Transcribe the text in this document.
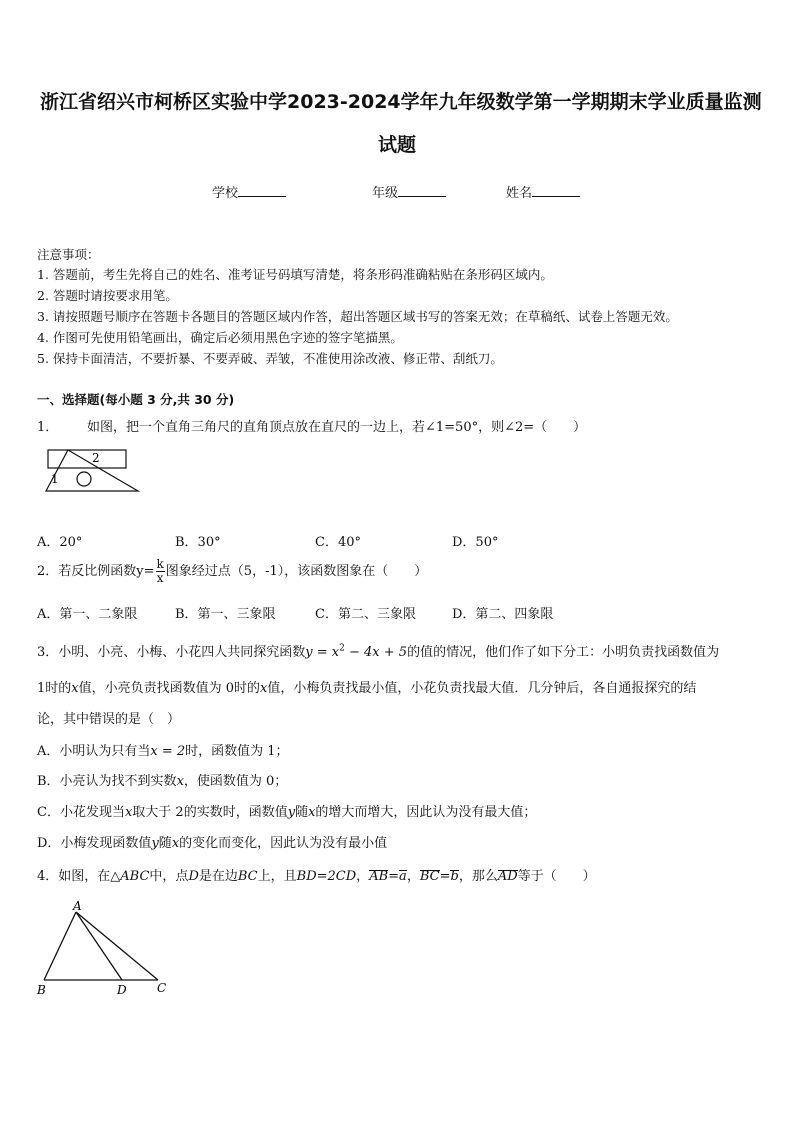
浙江省绍兴市柯桥区实验中学2023-2024学年九年级数学第一学期期末学业质量监测
试题
学校	年级	姓名
注意事项：
1. 答题前，考生先将自己的姓名、准考证号码填写清楚，将条形码准确粘贴在条形码区域内。
2. 答题时请按要求用笔。
3. 请按照题号顺序在答题卡各题目的答题区域内作答，超出答题区域书写的答案无效；在草稿纸、试卷上答题无效。
4. 作图可先使用铅笔画出，确定后必须用黑色字迹的签字笔描黑。
5. 保持卡面清洁，不要折暴、不要弄破、弄皱，不准使用涂改液、修正带、刮纸刀。
一、选择题(每小题 3 分,共 30 分)
1． 如图，把一个直角三角尺的直角顶点放在直尺的一边上，若∠1=50°，则∠2=（　　）
2
1
A．20°	B．30°	C．40°	D．50°
2．若反比例函数$y= \frac{k}{x}$ 图象经过点（5，-1），该函数图象在（　　）
A．第一、二象限	B．第一、三象限	C．第二、三象限	D．第二、四象限
3．小明、小亮、小梅、小花四人共同探究函数$y = x^2 - 4x + 5$的值的情况，他们作了如下分工：小明负责找函数值为
1时的x值，小亮负责找函数值为 0时的x值，小梅负责找最小值，小花负责找最大值．几分钟后，各自通报探究的结
论，其中错误的是（　）
A．小明认为只有当x = 2时，函数值为 1；
B．小亮认为找不到实数x，使函数值为 0；
C．小花发现当x取大于 2的实数时，函数值y随x的增大而增大，因此认为没有最大值；
D．小梅发现函数值y随x的变化而变化，因此认为没有最小值
4．如图，在△ABC中，点D是在边BC上，且BD=2CD，AB=a，BC=b，那么AD等于（　　）
A
B	D	C
